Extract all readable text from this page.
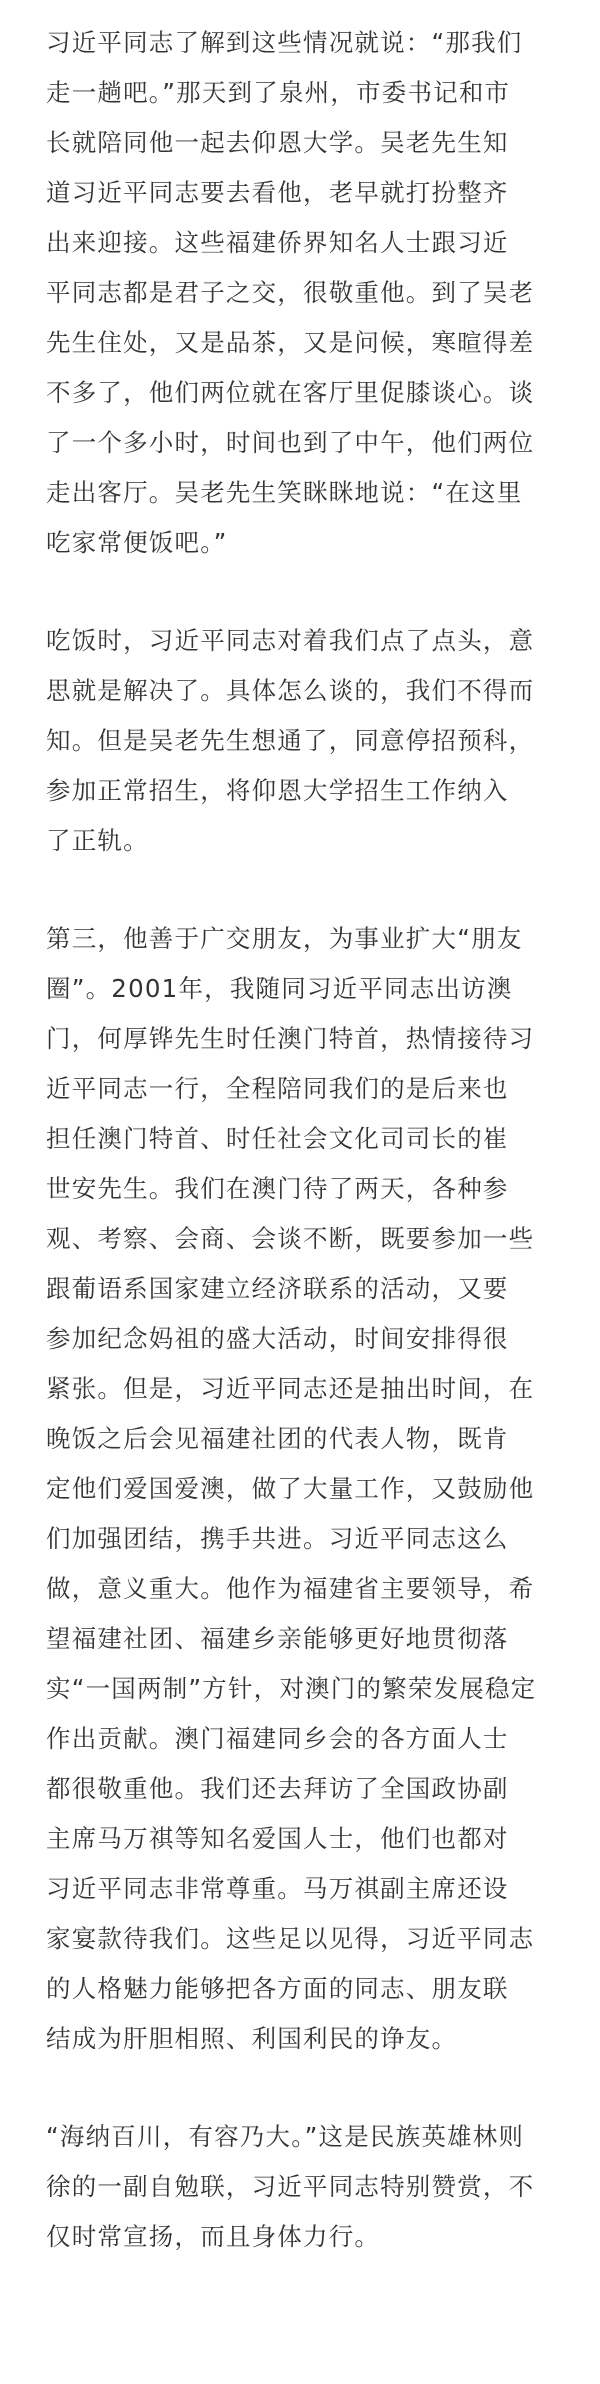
习近平同志了解到这些情况就说：“那我们
走一趟吧。”那天到了泉州，市委书记和市
长就陪同他一起去仰恩大学。吴老先生知
道习近平同志要去看他，老早就打扮整齐
出来迎接。这些福建侨界知名人士跟习近
平同志都是君子之交，很敬重他。到了吴老
先生住处，又是品茶，又是问候，寒暄得差
不多了，他们两位就在客厅里促膝谈心。谈
了一个多小时，时间也到了中午，他们两位
走出客厅。吴老先生笑眯眯地说：“在这里
吃家常便饭吧。”
吃饭时，习近平同志对着我们点了点头，意
思就是解决了。具体怎么谈的，我们不得而
知。但是吴老先生想通了，同意停招预科，
参加正常招生，将仰恩大学招生工作纳入
了正轨。
第三，他善于广交朋友，为事业扩大“朋友
圈”。2001年，我随同习近平同志出访澳
门，何厚铧先生时任澳门特首，热情接待习
近平同志一行，全程陪同我们的是后来也
担任澳门特首、时任社会文化司司长的崔
世安先生。我们在澳门待了两天，各种参
观、考察、会商、会谈不断，既要参加一些
跟葡语系国家建立经济联系的活动，又要
参加纪念妈祖的盛大活动，时间安排得很
紧张。但是，习近平同志还是抽出时间，在
晚饭之后会见福建社团的代表人物，既肯
定他们爱国爱澳，做了大量工作，又鼓励他
们加强团结，携手共进。习近平同志这么
做，意义重大。他作为福建省主要领导，希
望福建社团、福建乡亲能够更好地贯彻落
实“一国两制”方针，对澳门的繁荣发展稳定
作出贡献。澳门福建同乡会的各方面人士
都很敬重他。我们还去拜访了全国政协副
主席马万祺等知名爱国人士，他们也都对
习近平同志非常尊重。马万祺副主席还设
家宴款待我们。这些足以见得，习近平同志
的人格魅力能够把各方面的同志、朋友联
结成为肝胆相照、利国利民的诤友。
“海纳百川，有容乃大。”这是民族英雄林则
徐的一副自勉联，习近平同志特别赞赏，不
仅时常宣扬，而且身体力行。
